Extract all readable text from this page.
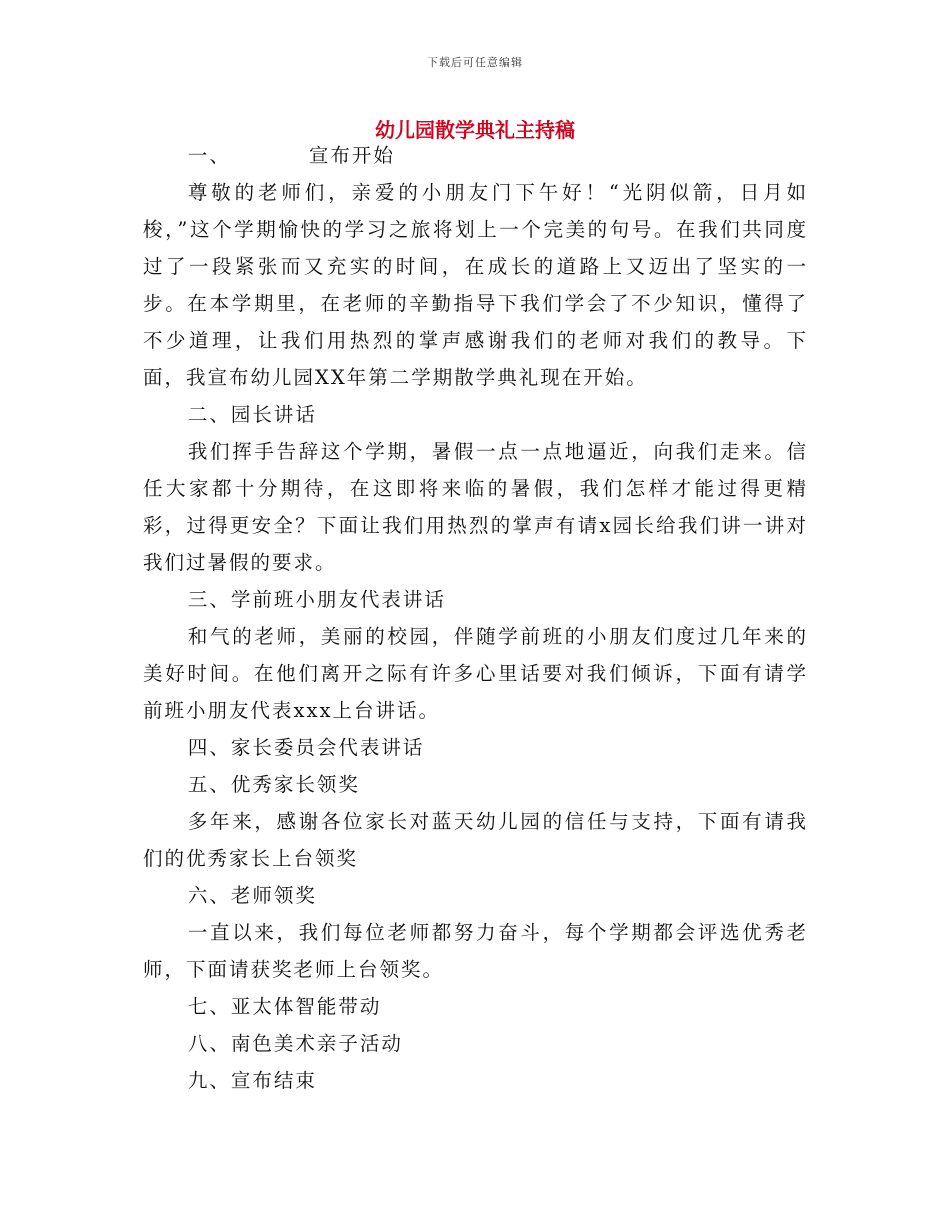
下载后可任意编辑
幼儿园散学典礼主持稿

一、	宣布开始

尊敬的老师们，亲爱的小朋友门下午好！“光阴似箭，日月如梭，”这个学期愉快的学习之旅将划上一个完美的句号。在我们共同度过了一段紧张而又充实的时间，在成长的道路上又迈出了坚实的一步。在本学期里，在老师的辛勤指导下我们学会了不少知识，懂得了不少道理，让我们用热烈的掌声感谢我们的老师对我们的教导。下面，我宣布幼儿园XX年第二学期散学典礼现在开始。

二、园长讲话

我们挥手告辞这个学期，暑假一点一点地逼近，向我们走来。信任大家都十分期待，在这即将来临的暑假，我们怎样才能过得更精彩，过得更安全？下面让我们用热烈的掌声有请x园长给我们讲一讲对我们过暑假的要求。

三、学前班小朋友代表讲话

和气的老师，美丽的校园，伴随学前班的小朋友们度过几年来的美好时间。在他们离开之际有许多心里话要对我们倾诉，下面有请学前班小朋友代表xxx上台讲话。

四、家长委员会代表讲话

五、优秀家长领奖

多年来，感谢各位家长对蓝天幼儿园的信任与支持，下面有请我们的优秀家长上台领奖

六、老师领奖

一直以来，我们每位老师都努力奋斗，每个学期都会评选优秀老师，下面请获奖老师上台领奖。

七、亚太体智能带动

八、南色美术亲子活动

九、宣布结束
